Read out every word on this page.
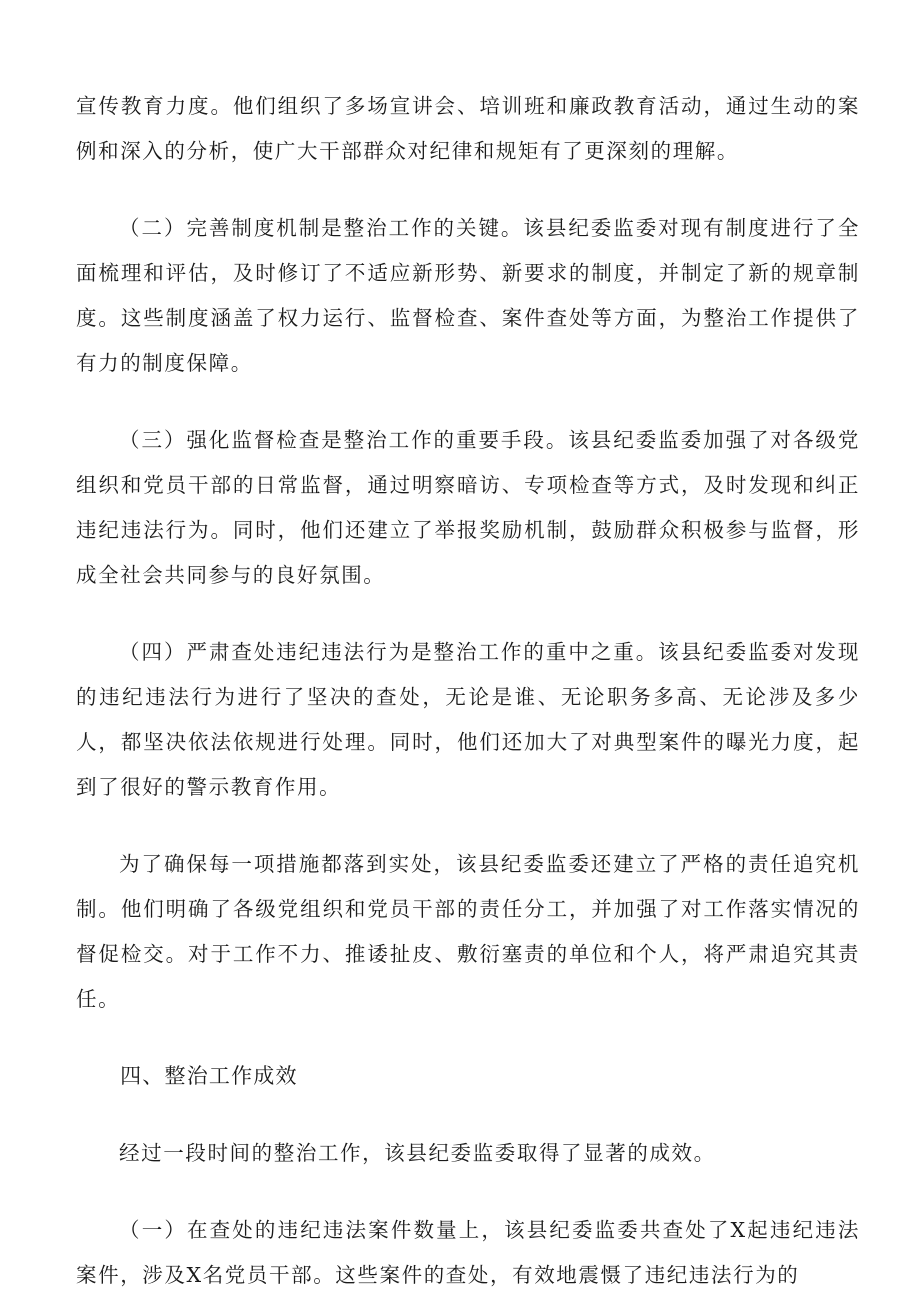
宣传教育力度。他们组织了多场宣讲会、培训班和廉政教育活动，通过生动的案例和深入的分析，使广大干部群众对纪律和规矩有了更深刻的理解。

（二）完善制度机制是整治工作的关键。该县纪委监委对现有制度进行了全面梳理和评估，及时修订了不适应新形势、新要求的制度，并制定了新的规章制度。这些制度涵盖了权力运行、监督检查、案件查处等方面，为整治工作提供了有力的制度保障。

（三）强化监督检查是整治工作的重要手段。该县纪委监委加强了对各级党组织和党员干部的日常监督，通过明察暗访、专项检查等方式，及时发现和纠正违纪违法行为。同时，他们还建立了举报奖励机制，鼓励群众积极参与监督，形成全社会共同参与的良好氛围。

（四）严肃查处违纪违法行为是整治工作的重中之重。该县纪委监委对发现的违纪违法行为进行了坚决的查处，无论是谁、无论职务多高、无论涉及多少人，都坚决依法依规进行处理。同时，他们还加大了对典型案件的曝光力度，起到了很好的警示教育作用。

为了确保每一项措施都落到实处，该县纪委监委还建立了严格的责任追究机制。他们明确了各级党组织和党员干部的责任分工，并加强了对工作落实情况的督促检交。对于工作不力、推诿扯皮、敷衍塞责的单位和个人，将严肃追究其责任。

四、整治工作成效

经过一段时间的整治工作，该县纪委监委取得了显著的成效。

（一）在查处的违纪违法案件数量上，该县纪委监委共查处了X起违纪违法案件，涉及X名党员干部。这些案件的查处，有效地震慑了违纪违法行为的
